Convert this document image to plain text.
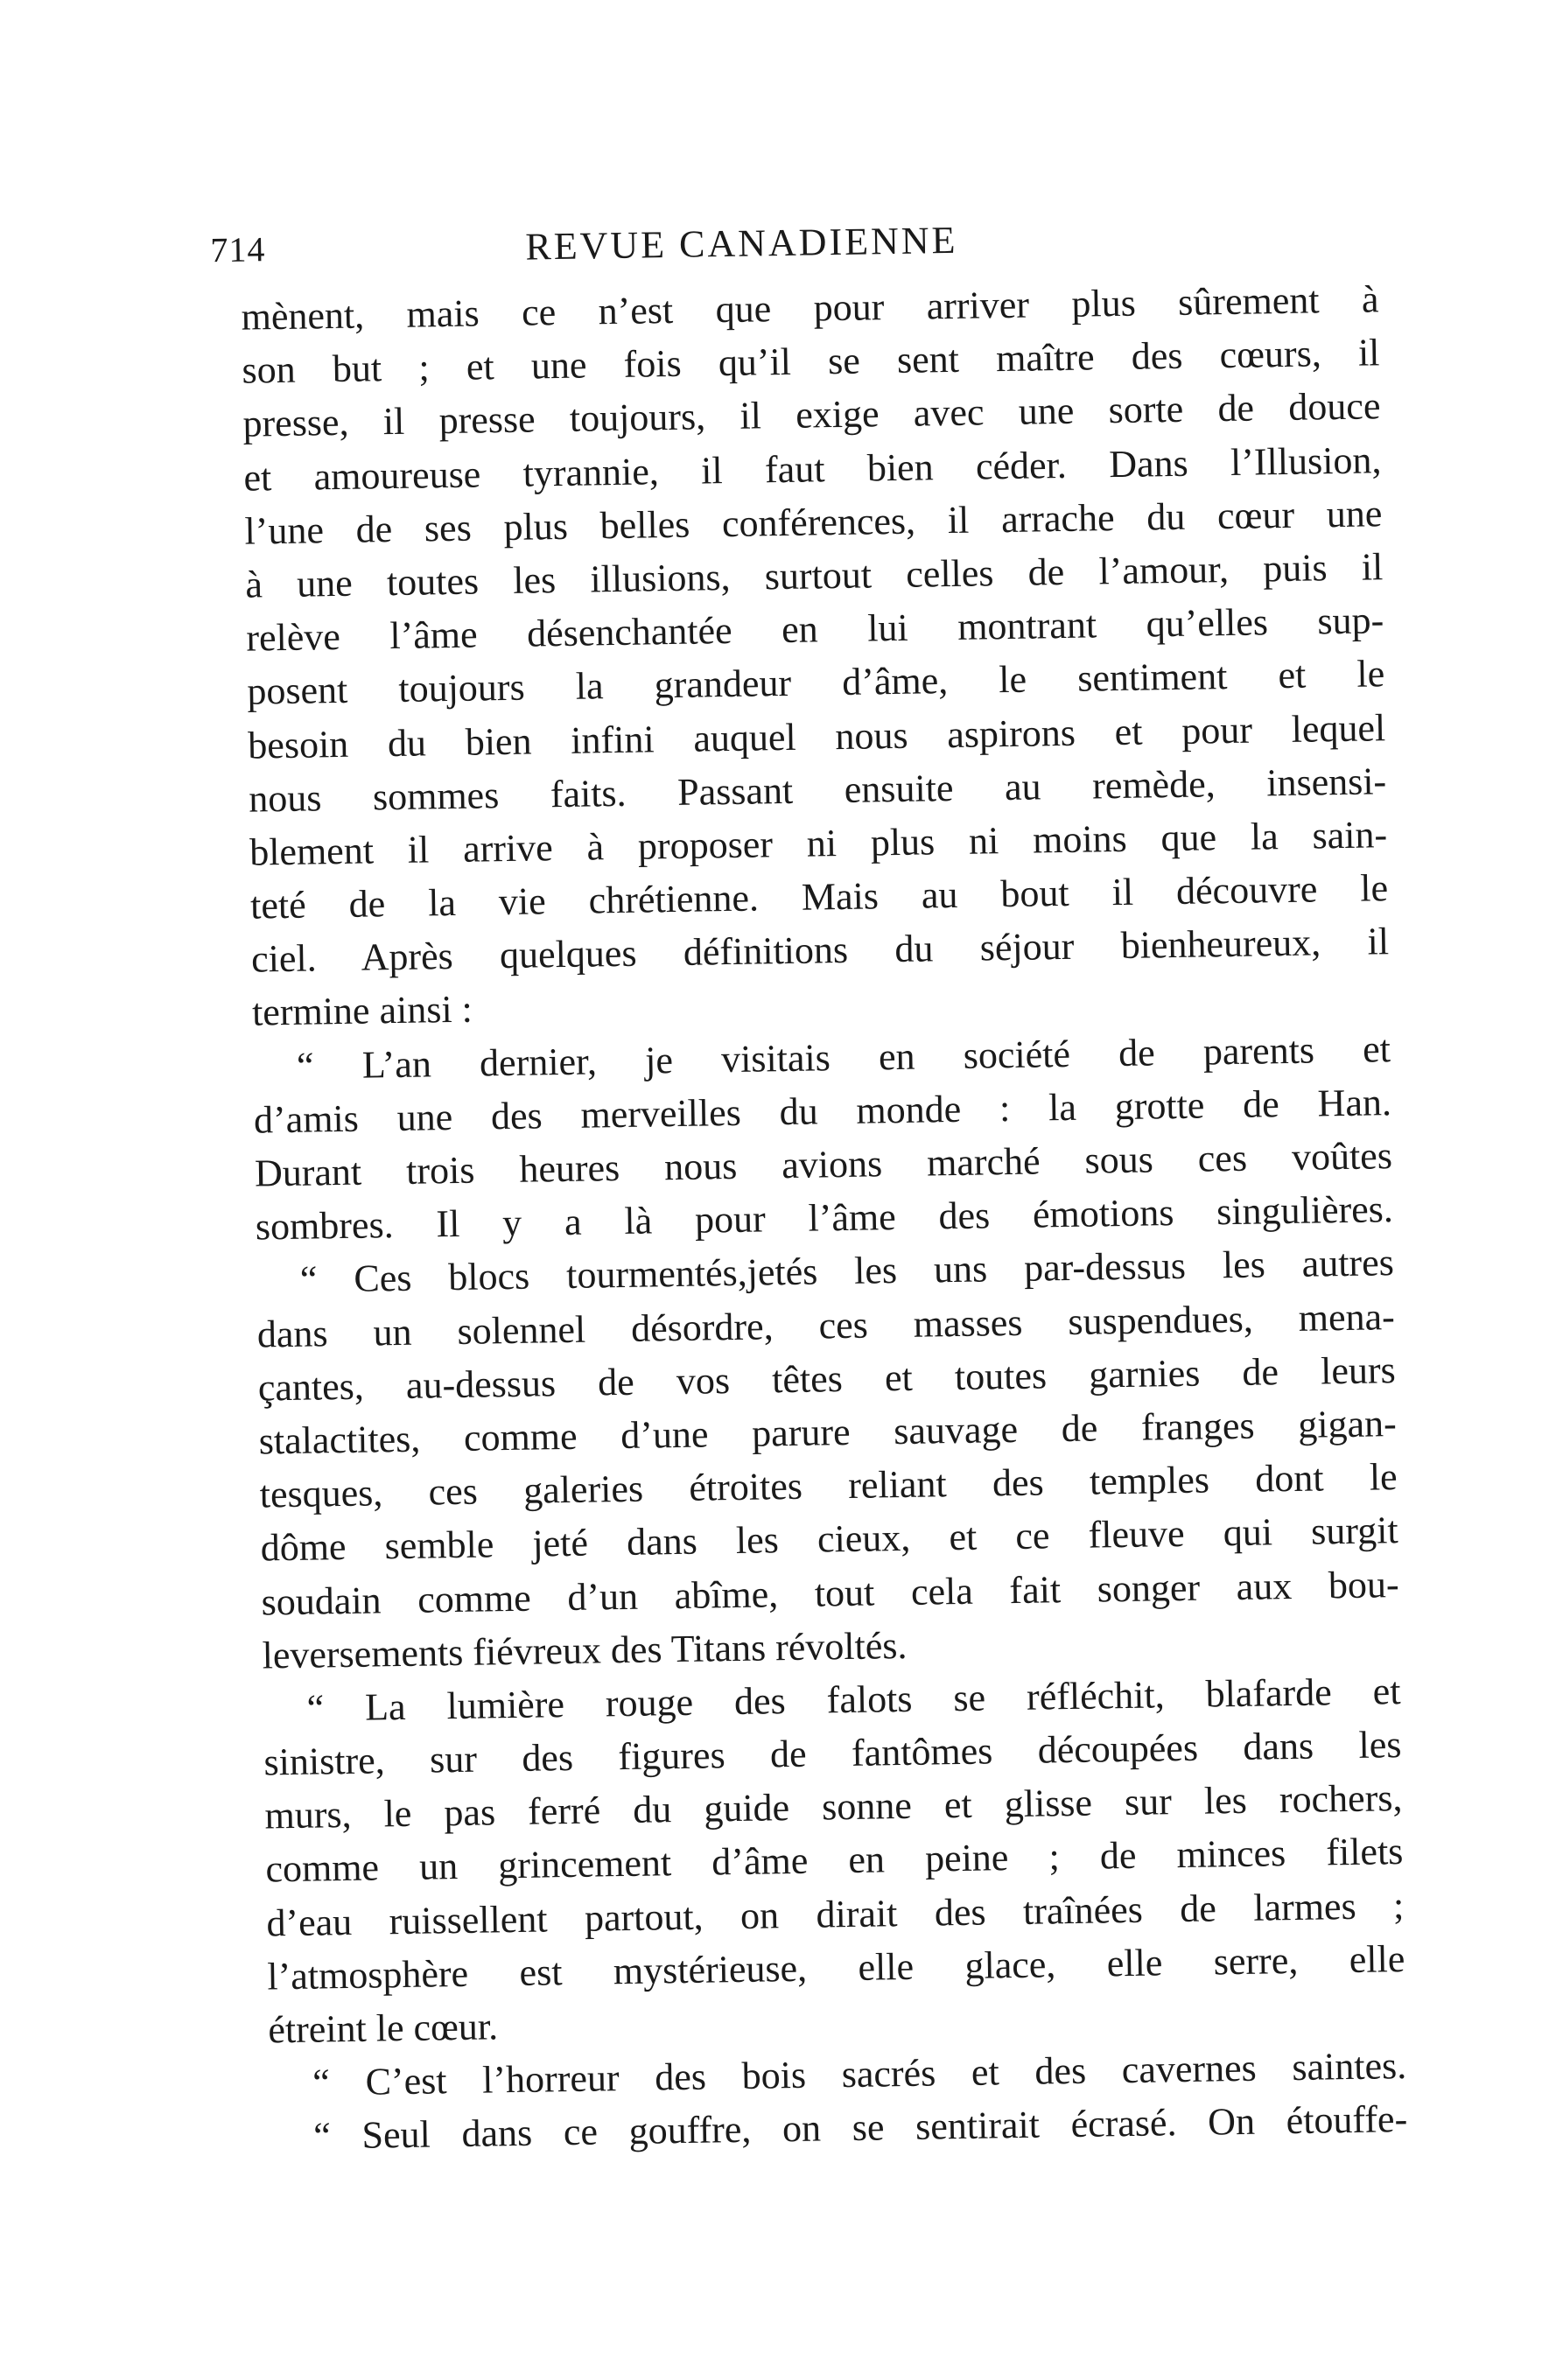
714	REVUE CANADIENNE
mènent, mais ce n’est que pour arriver plus sûrement à
son but ; et une fois qu’il se sent maître des cœurs, il
presse, il presse toujours, il exige avec une sorte de douce
et amoureuse tyrannie, il faut bien céder. Dans l’Illusion,
l’une de ses plus belles conférences, il arrache du cœur une
à une toutes les illusions, surtout celles de l’amour, puis il
relève l’âme désenchantée en lui montrant qu’elles sup-
posent toujours la grandeur d’âme, le sentiment et le
besoin du bien infini auquel nous aspirons et pour lequel
nous sommes faits. Passant ensuite au remède, insensi-
blement il arrive à proposer ni plus ni moins que la sain-
teté de la vie chrétienne. Mais au bout il découvre le
ciel. Après quelques définitions du séjour bienheureux, il
termine ainsi :
“ L’an dernier, je visitais en société de parents et
d’amis une des merveilles du monde : la grotte de Han.
Durant trois heures nous avions marché sous ces voûtes
sombres. Il y a là pour l’âme des émotions singulières.
“ Ces blocs tourmentés,jetés les uns par-dessus les autres
dans un solennel désordre, ces masses suspendues, mena-
çantes, au-dessus de vos têtes et toutes garnies de leurs
stalactites, comme d’une parure sauvage de franges gigan-
tesques, ces galeries étroites reliant des temples dont le
dôme semble jeté dans les cieux, et ce fleuve qui surgit
soudain comme d’un abîme, tout cela fait songer aux bou-
leversements fiévreux des Titans révoltés.
“ La lumière rouge des falots se réfléchit, blafarde et
sinistre, sur des figures de fantômes découpées dans les
murs, le pas ferré du guide sonne et glisse sur les rochers,
comme un grincement d’âme en peine ; de minces filets
d’eau ruissellent partout, on dirait des traînées de larmes ;
l’atmosphère est mystérieuse, elle glace, elle serre, elle
étreint le cœur.
“ C’est l’horreur des bois sacrés et des cavernes saintes.
“ Seul dans ce gouffre, on se sentirait écrasé. On étouffe-
